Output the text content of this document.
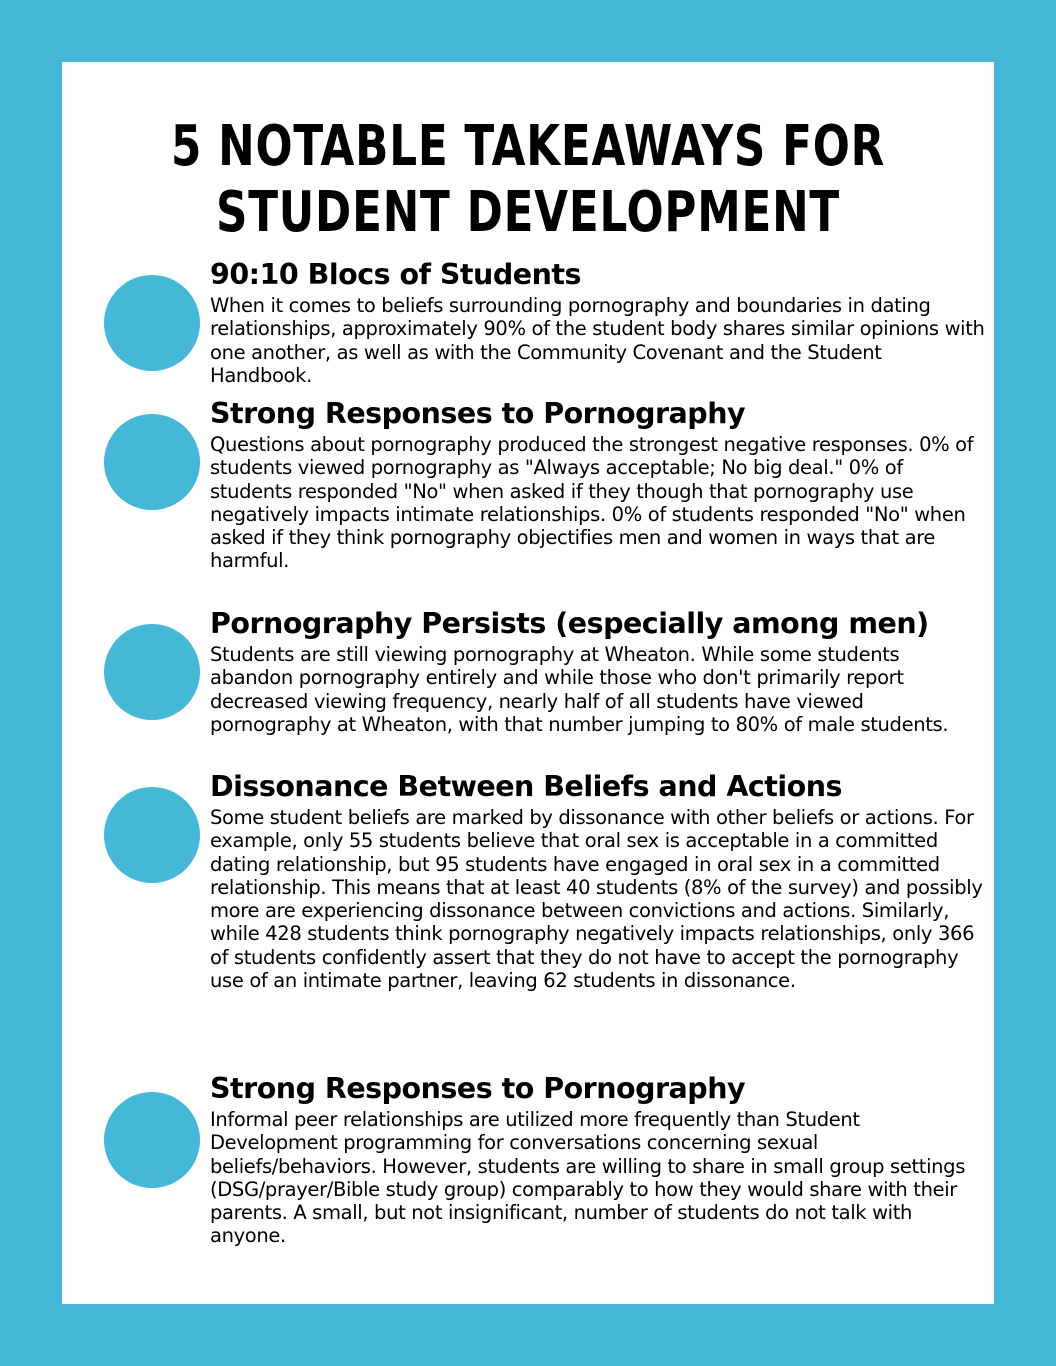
5 NOTABLE TAKEAWAYS FOR
STUDENT DEVELOPMENT
90:10 Blocs of Students
When it comes to beliefs surrounding pornography and boundaries in dating relationships, approximately 90% of the student body shares similar opinions with one another, as well as with the Community Covenant and the Student Handbook.
Strong Responses to Pornography
Questions about pornography produced the strongest negative responses. 0% of students viewed pornography as "Always acceptable; No big deal." 0% of students responded "No" when asked if they though that pornography use negatively impacts intimate relationships. 0% of students responded "No" when asked if they think pornography objectifies men and women in ways that are harmful.
Pornography Persists (especially among men)
Students are still viewing pornography at Wheaton. While some students abandon pornography entirely and while those who don't primarily report decreased viewing frequency, nearly half of all students have viewed pornography at Wheaton, with that number jumping to 80% of male students.
Dissonance Between Beliefs and Actions
Some student beliefs are marked by dissonance with other beliefs or actions. For example, only 55 students believe that oral sex is acceptable in a committed dating relationship, but 95 students have engaged in oral sex in a committed relationship. This means that at least 40 students (8% of the survey) and possibly more are experiencing dissonance between convictions and actions. Similarly, while 428 students think pornography negatively impacts relationships, only 366 of students confidently assert that they do not have to accept the pornography use of an intimate partner, leaving 62 students in dissonance.
Strong Responses to Pornography
Informal peer relationships are utilized more frequently than Student Development programming for conversations concerning sexual beliefs/behaviors. However, students are willing to share in small group settings (DSG/prayer/Bible study group) comparably to how they would share with their parents. A small, but not insignificant, number of students do not talk with anyone.
